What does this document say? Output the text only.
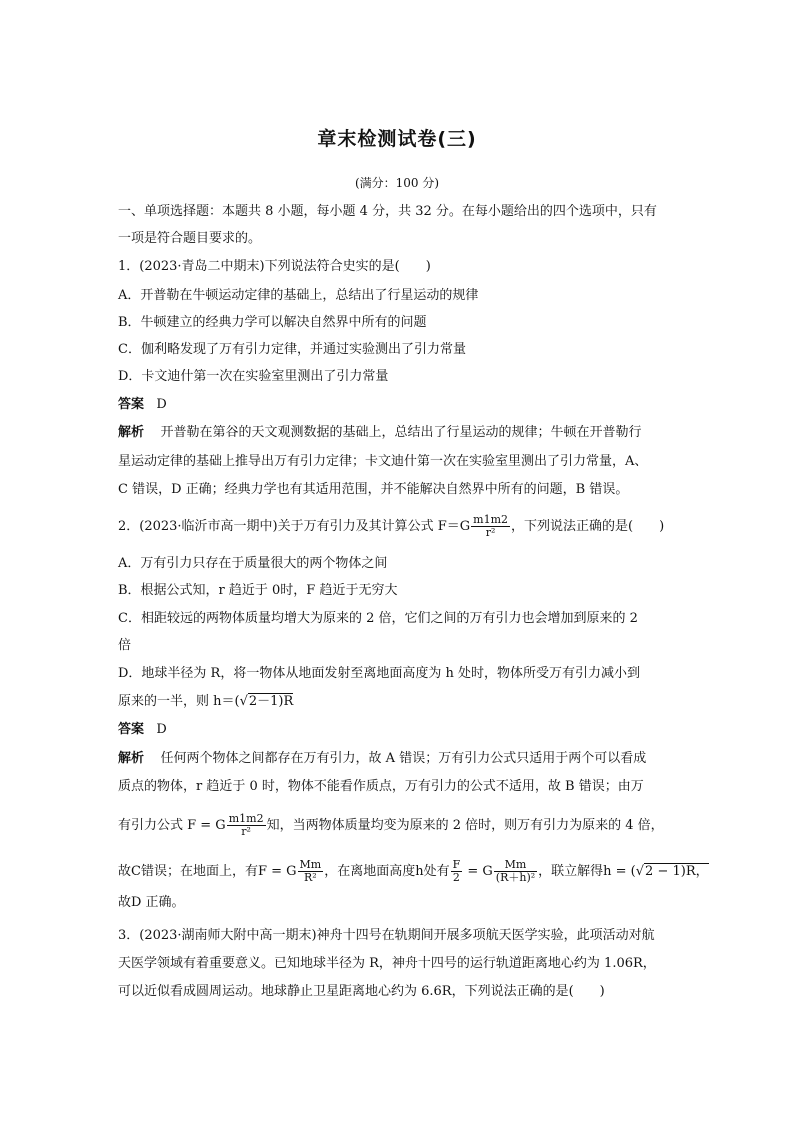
章末检测试卷(三)
(满分：100 分)
一、单项选择题：本题共 8 小题，每小题 4 分，共 32 分。在每小题给出的四个选项中，只有
一项是符合题目要求的。
1．(2023·青岛二中期末)下列说法符合史实的是(　　)
A．开普勒在牛顿运动定律的基础上，总结出了行星运动的规律
B．牛顿建立的经典力学可以解决自然界中所有的问题
C．伽利略发现了万有引力定律，并通过实验测出了引力常量
D．卡文迪什第一次在实验室里测出了引力常量
答案 D
解析 开普勒在第谷的天文观测数据的基础上，总结出了行星运动的规律；牛顿在开普勒行
星运动定律的基础上推导出万有引力定律；卡文迪什第一次在实验室里测出了引力常量，A、
C 错误，D 正确；经典力学也有其适用范围，并不能解决自然界中所有的问题，B 错误。
2．(2023·临沂市高一期中)关于万有引力及其计算公式 $F=G \frac{m1m2}{\text{r²}}$ ，下列说法正确的是(　　)
A．万有引力只存在于质量很大的两个物体之间
B．根据公式知，r 趋近于 0时，F 趋近于无穷大
C．相距较远的两物体质量均增大为原来的 2 倍，它们之间的万有引力也会增加到原来的 2
倍
D．地球半径为 R，将一物体从地面发射至离地面高度为 h 处时，物体所受万有引力减小到
原来的一半，则 h＝(√2－1)R
答案 D
解析 任何两个物体之间都存在万有引力，故 A 错误；万有引力公式只适用于两个可以看成
质点的物体，r 趋近于 0 时，物体不能看作质点，万有引力的公式不适用，故 B 错误；由万
有引力公式 F = G $\frac{m1m2}{\text{r²}}$ 知，当两物体质量均变为原来的 2 倍时，则万有引力为原来的 4 倍，
故C错误；在地面上，有F = G $\frac{Mm}{\text{R²}}$ ，在离地面高度h处有 $\frac{F}{2} = G \frac{Mm}{\text{(R＋h)²}}$ ，联立解得h = (√2 − 1)R，
故D 正确。
3．(2023·湖南师大附中高一期末)神舟十四号在轨期间开展多项航天医学实验，此项活动对航
天医学领域有着重要意义。已知地球半径为 R，神舟十四号的运行轨道距离地心约为 1.06R，
可以近似看成圆周运动。地球静止卫星距离地心约为 6.6R，下列说法正确的是(　　)
